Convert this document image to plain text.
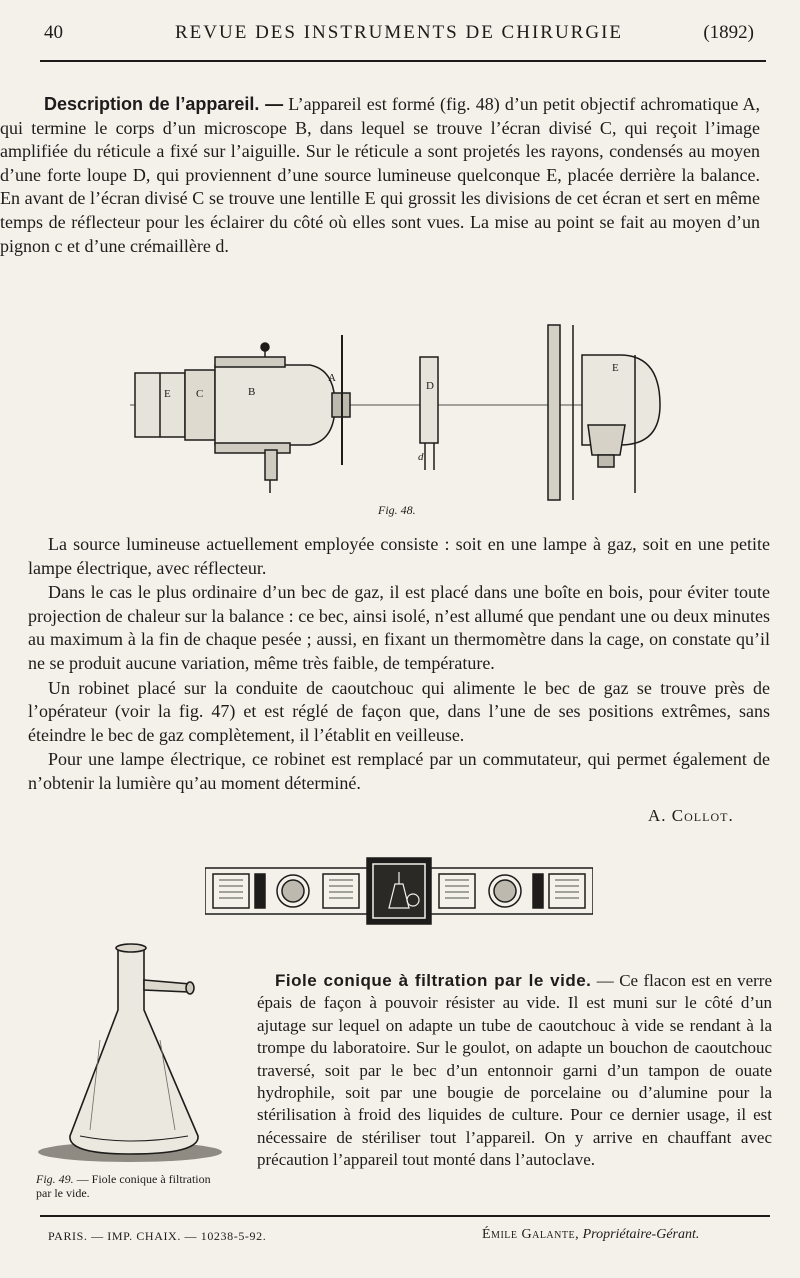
40	REVUE DES INSTRUMENTS DE CHIRURGIE	(1892)

Description de l’appareil. — L’appareil est formé (fig. 48) d’un petit objectif achromatique A, qui termine le corps d’un microscope B, dans lequel se trouve l’écran divisé C, qui reçoit l’image amplifiée du réticule a fixé sur l’aiguille. Sur le réticule a sont projetés les rayons, condensés au moyen d’une forte loupe D, qui proviennent d’une source lumineuse quelconque E, placée derrière la balance. En avant de l’écran divisé C se trouve une lentille E qui grossit les divisions de cet écran et sert en même temps de réflecteur pour les éclairer du côté où elles sont vues. La mise au point se fait au moyen d’un pignon c et d’une crémaillère d.

E C	B
A
D
E
d
Fig. 48.

La source lumineuse actuellement employée consiste : soit en une lampe à gaz, soit en une petite lampe électrique, avec réflecteur.

Dans le cas le plus ordinaire d’un bec de gaz, il est placé dans une boîte en bois, pour éviter toute projection de chaleur sur la balance : ce bec, ainsi isolé, n’est allumé que pendant une ou deux minutes au maximum à la fin de chaque pesée ; aussi, en fixant un thermomètre dans la cage, on constate qu’il ne se produit aucune variation, même très faible, de température.

Un robinet placé sur la conduite de caoutchouc qui alimente le bec de gaz se trouve près de l’opérateur (voir la fig. 47) et est réglé de façon que, dans l’une de ses positions extrêmes, sans éteindre le bec de gaz complètement, il l’établit en veilleuse.

Pour une lampe électrique, ce robinet est remplacé par un commutateur, qui permet également de n’obtenir la lumière qu’au moment déterminé.

A. Collot.
Fig. 49. — Fiole conique à filtration par le vide.

Fiole conique à filtration par le vide. — Ce flacon est en verre épais de façon à pouvoir résister au vide. Il est muni sur le côté d’un ajutage sur lequel on adapte un tube de caoutchouc à vide se rendant à la trompe du laboratoire. Sur le goulot, on adapte un bouchon de caoutchouc traversé, soit par le bec d’un entonnoir garni d’un tampon de ouate hydrophile, soit par une bougie de porcelaine ou d’alumine pour la stérilisation à froid des liquides de culture. Pour ce dernier usage, il est nécessaire de stériliser tout l’appareil. On y arrive en chauffant avec précaution l’appareil tout monté dans l’autoclave.

PARIS. — IMP. CHAIX. — 10238-5-92.	Émile Galante, Propriétaire-Gérant.
